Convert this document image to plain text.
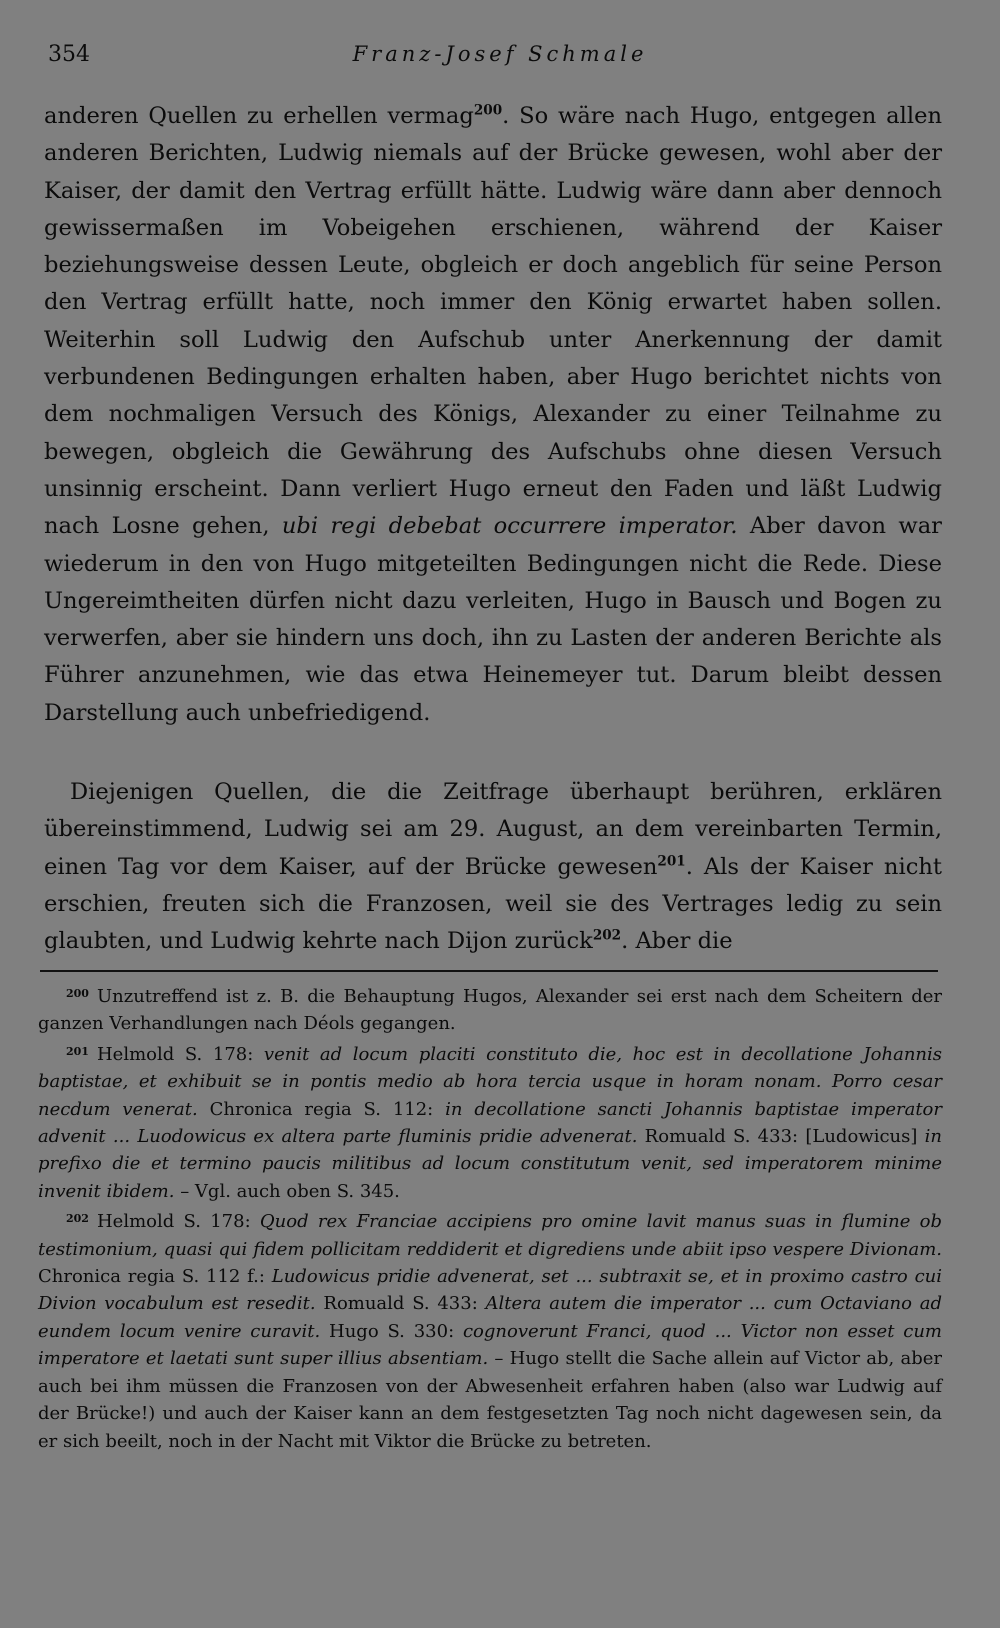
354	Franz-Josef Schmale

anderen Quellen zu erhellen vermag$^{200}$. So wäre nach Hugo, entgegen allen anderen Berichten, Ludwig niemals auf der Brücke gewesen, wohl aber der Kaiser, der damit den Vertrag erfüllt hätte. Ludwig wäre dann aber dennoch gewissermaßen im Vobeigehen erschienen, während der Kaiser beziehungsweise dessen Leute, obgleich er doch angeblich für seine Person den Vertrag erfüllt hatte, noch immer den König erwartet haben sollen. Weiterhin soll Ludwig den Aufschub unter Anerkennung der damit verbundenen Bedingungen erhalten haben, aber Hugo berichtet nichts von dem nochmaligen Versuch des Königs, Alexander zu einer Teilnahme zu bewegen, obgleich die Gewährung des Aufschubs ohne diesen Versuch unsinnig erscheint. Dann verliert Hugo erneut den Faden und läßt Ludwig nach Losne gehen, ubi regi debebat occurrere imperator. Aber davon war wiederum in den von Hugo mitgeteilten Bedingungen nicht die Rede. Diese Ungereimtheiten dürfen nicht dazu verleiten, Hugo in Bausch und Bogen zu verwerfen, aber sie hindern uns doch, ihn zu Lasten der anderen Berichte als Führer anzunehmen, wie das etwa Heinemeyer tut. Darum bleibt dessen Darstellung auch unbefriedigend.

Diejenigen Quellen, die die Zeitfrage überhaupt berühren, erklären übereinstimmend, Ludwig sei am 29. August, an dem vereinbarten Termin, einen Tag vor dem Kaiser, auf der Brücke gewesen$^{201}$. Als der Kaiser nicht erschien, freuten sich die Franzosen, weil sie des Vertrages ledig zu sein glaubten, und Ludwig kehrte nach Dijon zurück$^{202}$. Aber die

$^{200}$ Unzutreffend ist z. B. die Behauptung Hugos, Alexander sei erst nach dem Scheitern der ganzen Verhandlungen nach Déols gegangen.

$^{201}$ Helmold S. 178: venit ad locum placiti constituto die, hoc est in decollatione Johannis baptistae, et exhibuit se in pontis medio ab hora tercia usque in horam nonam. Porro cesar necdum venerat. Chronica regia S. 112: in decollatione sancti Johannis baptistae imperator advenit ... Luodowicus ex altera parte fluminis pridie advenerat. Romuald S. 433: [Ludowicus] in prefixo die et termino paucis militibus ad locum constitutum venit, sed imperatorem minime invenit ibidem. – Vgl. auch oben S. 345.

$^{202}$ Helmold S. 178: Quod rex Franciae accipiens pro omine lavit manus suas in flumine ob testimonium, quasi qui fidem pollicitam reddiderit et digrediens unde abiit ipso vespere Divionam. Chronica regia S. 112 f.: Ludowicus pridie advenerat, set ... subtraxit se, et in proximo castro cui Divion vocabulum est resedit. Romuald S. 433: Altera autem die imperator ... cum Octaviano ad eundem locum venire curavit. Hugo S. 330: cognoverunt Franci, quod ... Victor non esset cum imperatore et laetati sunt super illius absentiam. – Hugo stellt die Sache allein auf Victor ab, aber auch bei ihm müssen die Franzosen von der Abwesenheit erfahren haben (also war Ludwig auf der Brücke!) und auch der Kaiser kann an dem festgesetzten Tag noch nicht dagewesen sein, da er sich beeilt, noch in der Nacht mit Viktor die Brücke zu betreten.
